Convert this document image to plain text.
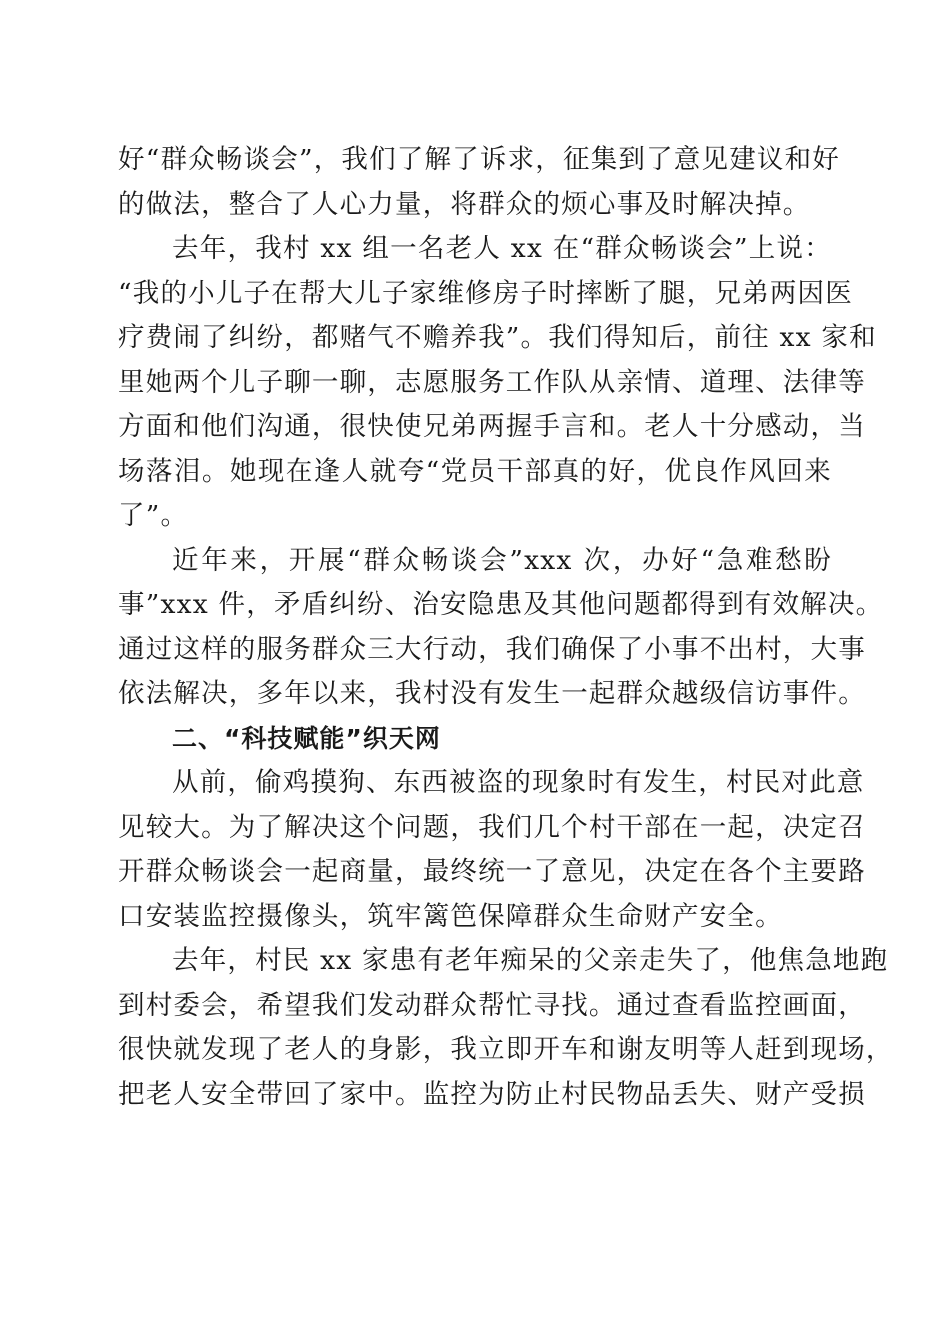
好“群众畅谈会”，我们了解了诉求，征集到了意见建议和好
的做法，整合了人心力量，将群众的烦心事及时解决掉。
去年，我村 xx 组一名老人 xx 在“群众畅谈会”上说：
“我的小儿子在帮大儿子家维修房子时摔断了腿，兄弟两因医
疗费闹了纠纷，都赌气不赡养我”。我们得知后，前往 xx 家和
里她两个儿子聊一聊，志愿服务工作队从亲情、道理、法律等
方面和他们沟通，很快使兄弟两握手言和。老人十分感动，当
场落泪。她现在逢人就夸“党员干部真的好，优良作风回来
了”。
近年来，开展“群众畅谈会”xxx 次，办好“急难愁盼
事”xxx 件，矛盾纠纷、治安隐患及其他问题都得到有效解决。
通过这样的服务群众三大行动，我们确保了小事不出村，大事
依法解决，多年以来，我村没有发生一起群众越级信访事件。
二、“科技赋能”织天网
从前，偷鸡摸狗、东西被盗的现象时有发生，村民对此意
见较大。为了解决这个问题，我们几个村干部在一起，决定召
开群众畅谈会一起商量，最终统一了意见，决定在各个主要路
口安装监控摄像头，筑牢篱笆保障群众生命财产安全。
去年，村民 xx 家患有老年痴呆的父亲走失了，他焦急地跑
到村委会，希望我们发动群众帮忙寻找。通过查看监控画面，
很快就发现了老人的身影，我立即开车和谢友明等人赶到现场，
把老人安全带回了家中。监控为防止村民物品丢失、财产受损
